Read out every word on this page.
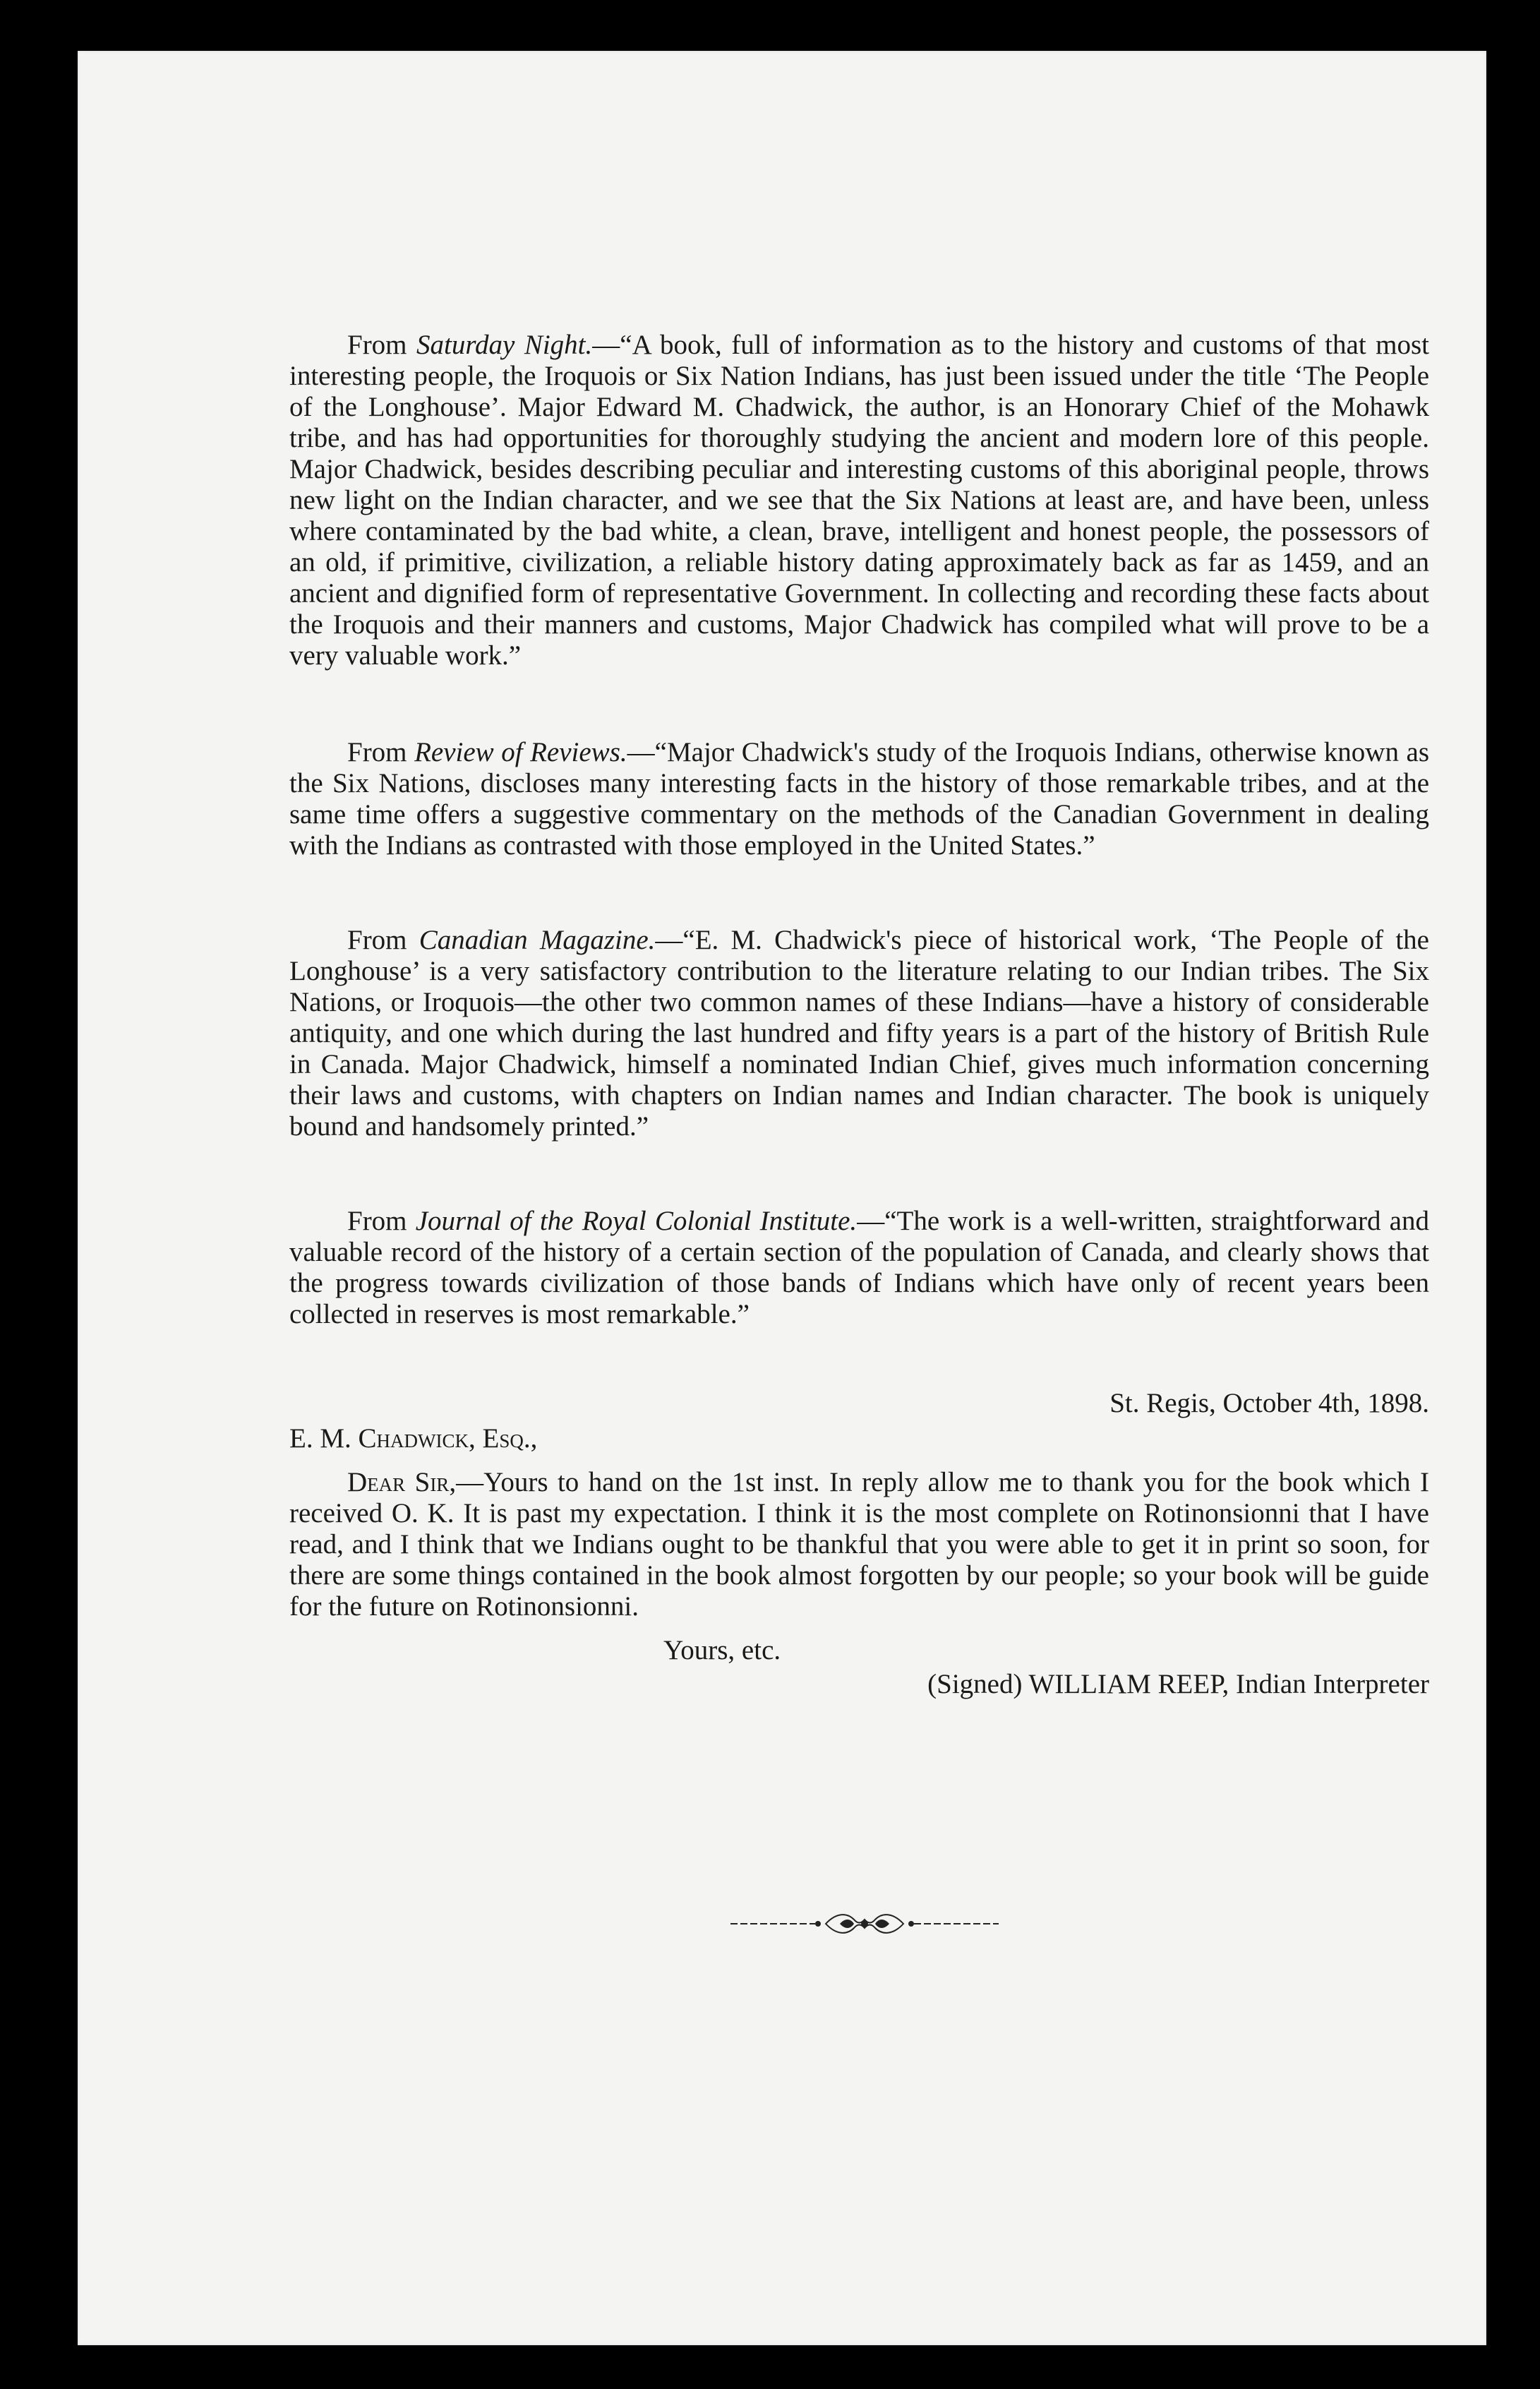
From Saturday Night.—“A book, full of information as to the history and customs of that most interesting people, the Iroquois or Six Nation Indians, has just been issued under the title ‘The People of the Longhouse’. Major Edward M. Chadwick, the author, is an Honorary Chief of the Mohawk tribe, and has had opportunities for thoroughly studying the ancient and modern lore of this people. Major Chadwick, besides describing peculiar and interesting customs of this aboriginal people, throws new light on the Indian character, and we see that the Six Nations at least are, and have been, unless where contaminated by the bad white, a clean, brave, intelligent and honest people, the possessors of an old, if primitive, civilization, a reliable history dating approximately back as far as 1459, and an ancient and dignified form of representative Government. In collecting and recording these facts about the Iroquois and their manners and customs, Major Chadwick has compiled what will prove to be a very valuable work.”

From Review of Reviews.—“Major Chadwick's study of the Iroquois Indians, otherwise known as the Six Nations, discloses many interesting facts in the history of those remarkable tribes, and at the same time offers a suggestive commentary on the methods of the Canadian Government in dealing with the Indians as contrasted with those employed in the United States.”

From Canadian Magazine.—“E. M. Chadwick's piece of historical work, ‘The People of the Longhouse’ is a very satisfactory contribution to the literature relating to our Indian tribes. The Six Nations, or Iroquois—the other two common names of these Indians—have a history of considerable antiquity, and one which during the last hundred and fifty years is a part of the history of British Rule in Canada. Major Chadwick, himself a nominated Indian Chief, gives much information concerning their laws and customs, with chapters on Indian names and Indian character. The book is uniquely bound and handsomely printed.”

From Journal of the Royal Colonial Institute.—“The work is a well-written, straightforward and valuable record of the history of a certain section of the population of Canada, and clearly shows that the progress towards civilization of those bands of Indians which have only of recent years been collected in reserves is most remarkable.”

St. Regis, October 4th, 1898.

E. M. Chadwick, Esq.,

Dear Sir,—Yours to hand on the 1st inst. In reply allow me to thank you for the book which I received O. K. It is past my expectation. I think it is the most complete on Rotinonsionni that I have read, and I think that we Indians ought to be thankful that you were able to get it in print so soon, for there are some things contained in the book almost forgotten by our people; so your book will be guide for the future on Rotinonsionni.

Yours, etc.

(Signed) WILLIAM REEP, Indian Interpreter
